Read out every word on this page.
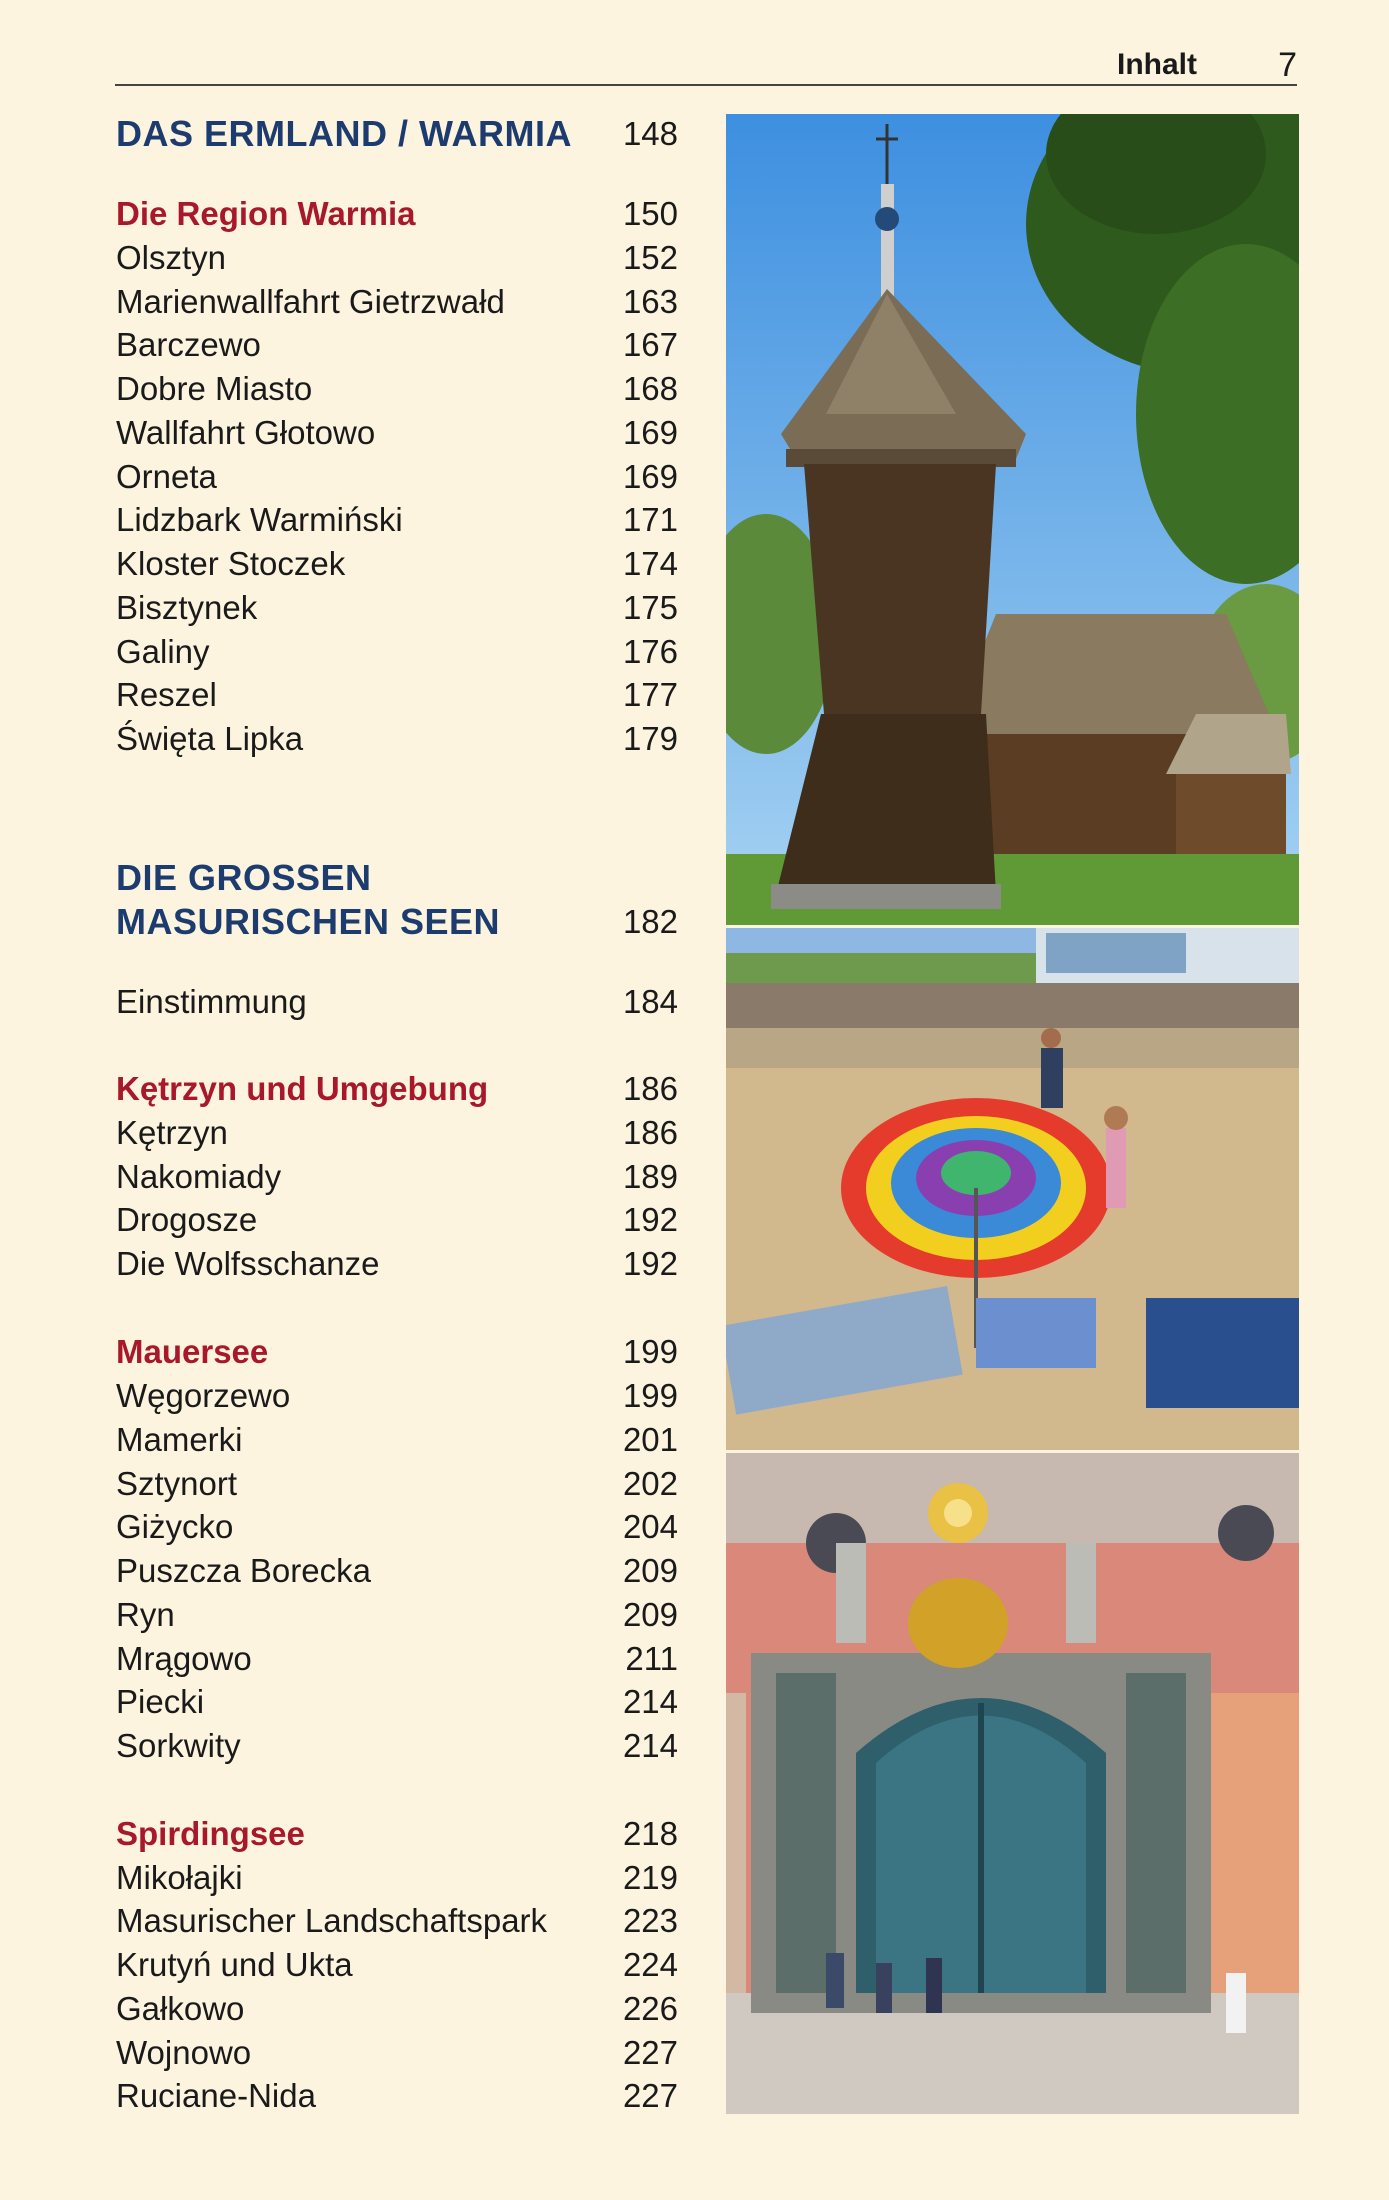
Inhalt 7
DAS ERMLAND / WARMIA 148
Die Region Warmia	150
Olsztyn	152
Marienwallfahrt Gietrzwałd	163
Barczewo	167
Dobre Miasto	168
Wallfahrt Głotowo	169
Orneta	169
Lidzbark Warmiński	171
Kloster Stoczek	174
Bisztynek	175
Galiny	176
Reszel	177
Święta Lipka	179
DIE GROSSEN
MASURISCHEN SEEN	182
Einstimmung	184
Kętrzyn und Umgebung	186
Kętrzyn	186
Nakomiady	189
Drogosze	192
Die Wolfsschanze	192
Mauersee	199
Węgorzewo	199
Mamerki	201
Sztynort	202
Giżycko	204
Puszcza Borecka	209
Ryn	209
Mrągowo	211
Piecki	214
Sorkwity	214
Spirdingsee	218
Mikołajki	219
Masurischer Landschaftspark 223
Krutyń und Ukta	224
Gałkowo	226
Wojnowo	227
Ruciane-Nida	227
